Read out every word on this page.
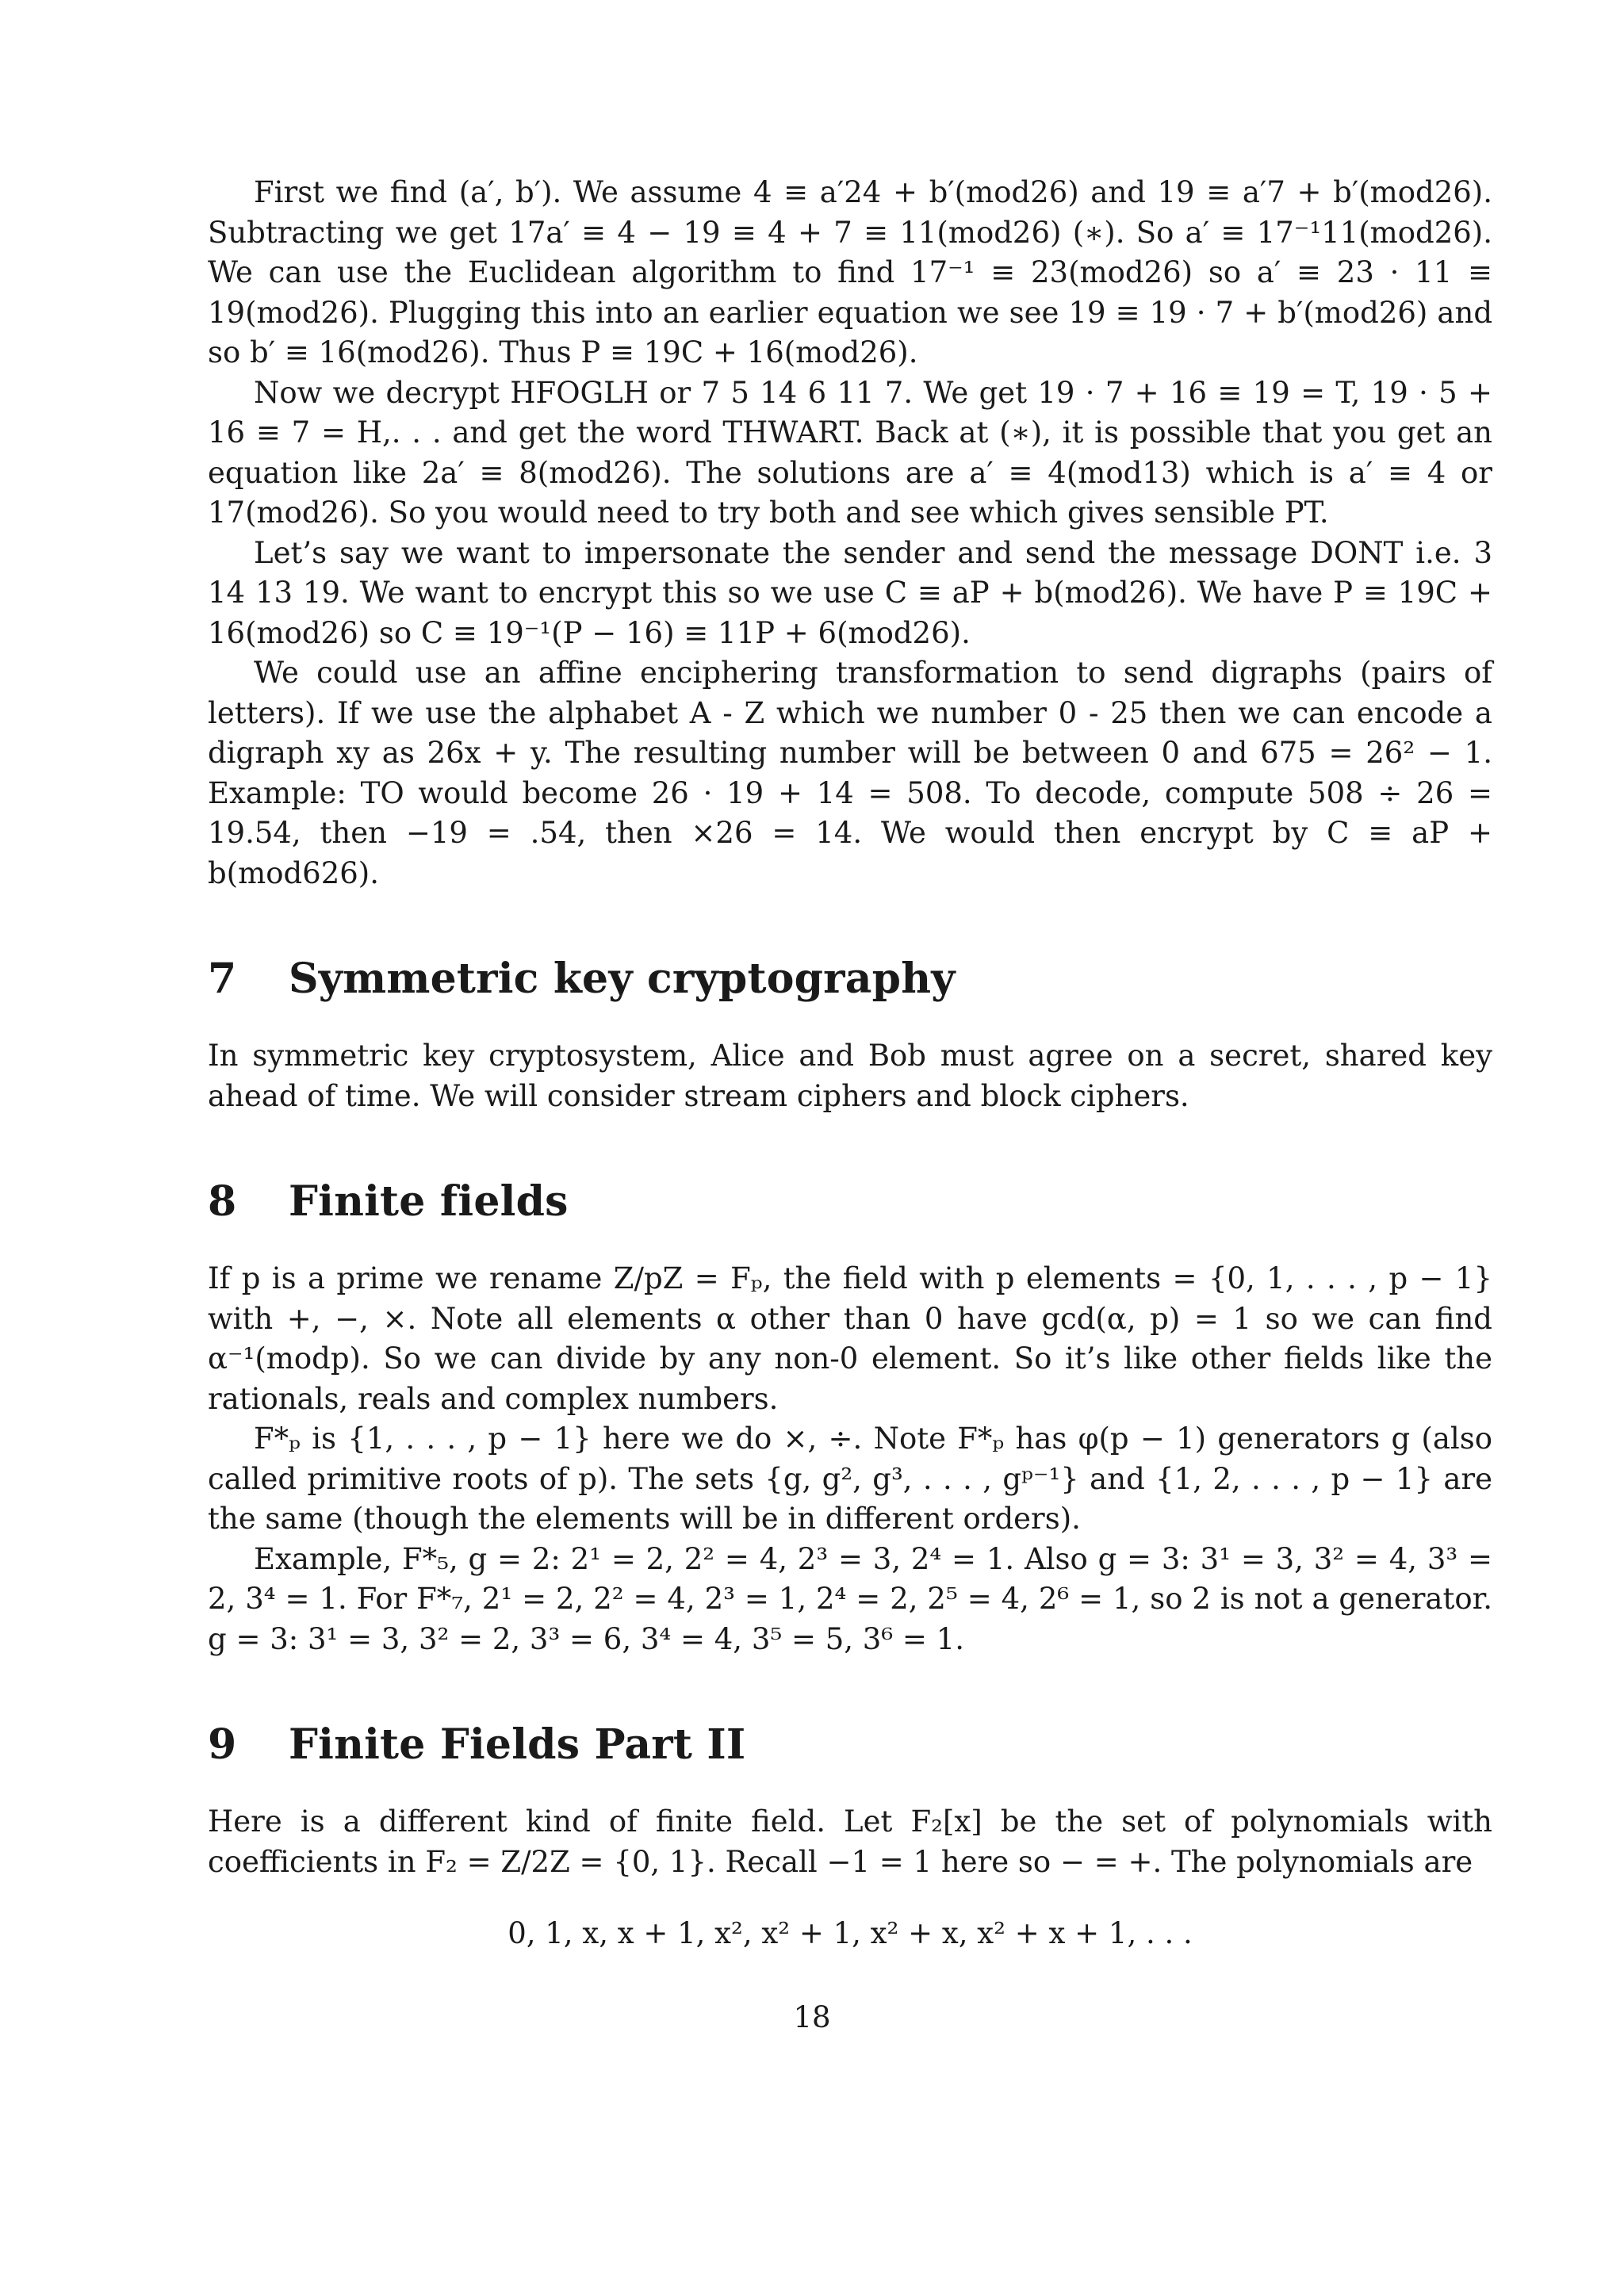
First we find (a′, b′). We assume 4 ≡ a′24 + b′(mod26) and 19 ≡ a′7 + b′(mod26). Subtracting we get 17a′ ≡ 4 − 19 ≡ 4 + 7 ≡ 11(mod26) (∗). So a′ ≡ 17⁻¹11(mod26). We can use the Euclidean algorithm to find 17⁻¹ ≡ 23(mod26) so a′ ≡ 23 · 11 ≡ 19(mod26). Plugging this into an earlier equation we see 19 ≡ 19 · 7 + b′(mod26) and so b′ ≡ 16(mod26). Thus P ≡ 19C + 16(mod26).

Now we decrypt HFOGLH or 7 5 14 6 11 7. We get 19 · 7 + 16 ≡ 19 = T, 19 · 5 + 16 ≡ 7 = H,. . . and get the word THWART. Back at (∗), it is possible that you get an equation like 2a′ ≡ 8(mod26). The solutions are a′ ≡ 4(mod13) which is a′ ≡ 4 or 17(mod26). So you would need to try both and see which gives sensible PT.

Let’s say we want to impersonate the sender and send the message DONT i.e. 3 14 13 19. We want to encrypt this so we use C ≡ aP + b(mod26). We have P ≡ 19C + 16(mod26) so C ≡ 19⁻¹(P − 16) ≡ 11P + 6(mod26).

We could use an affine enciphering transformation to send digraphs (pairs of letters). If we use the alphabet A - Z which we number 0 - 25 then we can encode a digraph xy as 26x + y. The resulting number will be between 0 and 675 = 26² − 1. Example: TO would become 26 · 19 + 14 = 508. To decode, compute 508 ÷ 26 = 19.54, then −19 = .54, then ×26 = 14. We would then encrypt by C ≡ aP + b(mod626).

7	Symmetric key cryptography

In symmetric key cryptosystem, Alice and Bob must agree on a secret, shared key ahead of time. We will consider stream ciphers and block ciphers.

8	Finite fields

If p is a prime we rename Z/pZ = Fₚ, the field with p elements = {0, 1, . . . , p − 1} with +, −, ×. Note all elements α other than 0 have gcd(α, p) = 1 so we can find α⁻¹(modp). So we can divide by any non-0 element. So it’s like other fields like the rationals, reals and complex numbers.

F*ₚ is {1, . . . , p − 1} here we do ×, ÷. Note F*ₚ has φ(p − 1) generators g (also called primitive roots of p). The sets {g, g², g³, . . . , gᵖ⁻¹} and {1, 2, . . . , p − 1} are the same (though the elements will be in different orders).

Example, F*₅, g = 2: 2¹ = 2, 2² = 4, 2³ = 3, 2⁴ = 1. Also g = 3: 3¹ = 3, 3² = 4, 3³ = 2, 3⁴ = 1. For F*₇, 2¹ = 2, 2² = 4, 2³ = 1, 2⁴ = 2, 2⁵ = 4, 2⁶ = 1, so 2 is not a generator. g = 3: 3¹ = 3, 3² = 2, 3³ = 6, 3⁴ = 4, 3⁵ = 5, 3⁶ = 1.

9	Finite Fields Part II

Here is a different kind of finite field. Let F₂[x] be the set of polynomials with coefficients in F₂ = Z/2Z = {0, 1}. Recall −1 = 1 here so − = +. The polynomials are

0, 1, x, x + 1, x², x² + 1, x² + x, x² + x + 1, . . .
18
